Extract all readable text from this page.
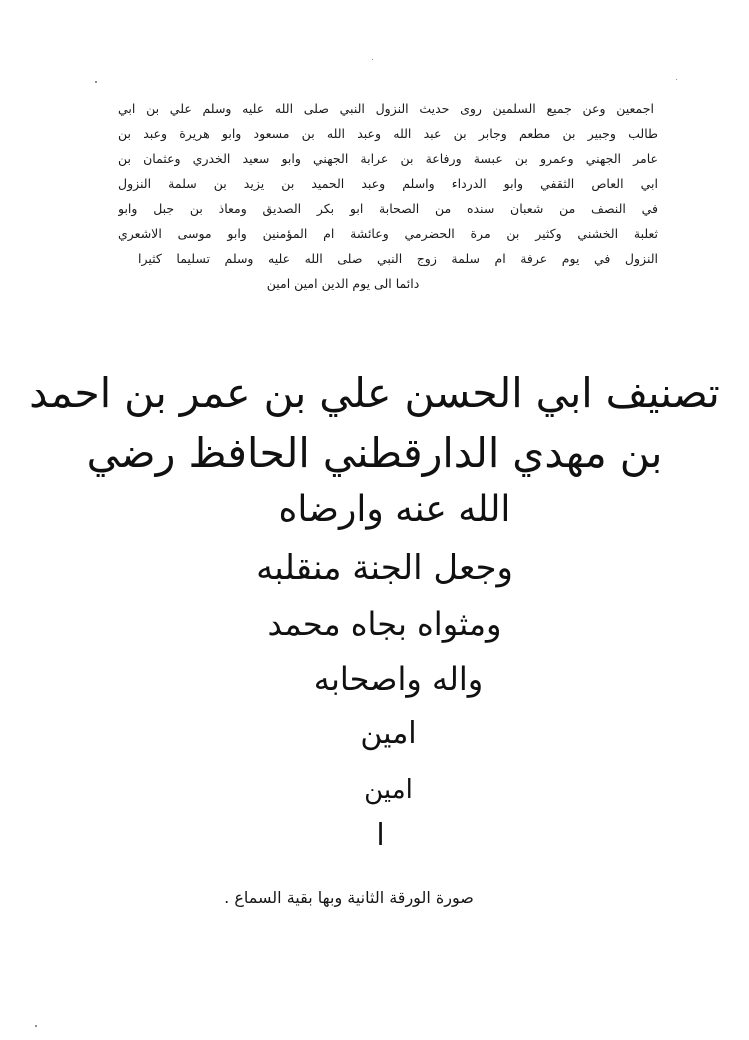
اجمعين وعن جميع السلمين روى حديث النزول النبي صلى الله عليه وسلم علي بن ابي
طالب وجبير بن مطعم وجابر بن عبد الله وعبد الله بن مسعود وابو هريرة وعبد بن
عامر الجهني وعمرو بن عبسة ورفاعة بن عرابة الجهني وابو سعيد الخدري وعثمان بن
ابي العاص الثقفي وابو الدرداء واسلم وعبد الحميد بن يزيد بن سلمة النزول
في النصف من شعبان سنده من الصحابة ابو بكر الصديق ومعاذ بن جبل وابو
ثعلبة الخشني وكثير بن مرة الحضرمي وعائشة ام المؤمنين وابو موسى الاشعري
النزول في يوم عرفة ام سلمة زوج النبي صلى الله عليه وسلم تسليما كثيرا
دائما الى يوم الدين امين امين
تصنيف ابي الحسن علي بن عمر بن احمد
بن مهدي الدارقطني الحافظ رضي
الله عنه وارضاه
وجعل الجنة منقلبه
ومثواه بجاه محمد
واله واصحابه
امين
امين
ا
صورة الورقة الثانية وبها بقية السماع .
